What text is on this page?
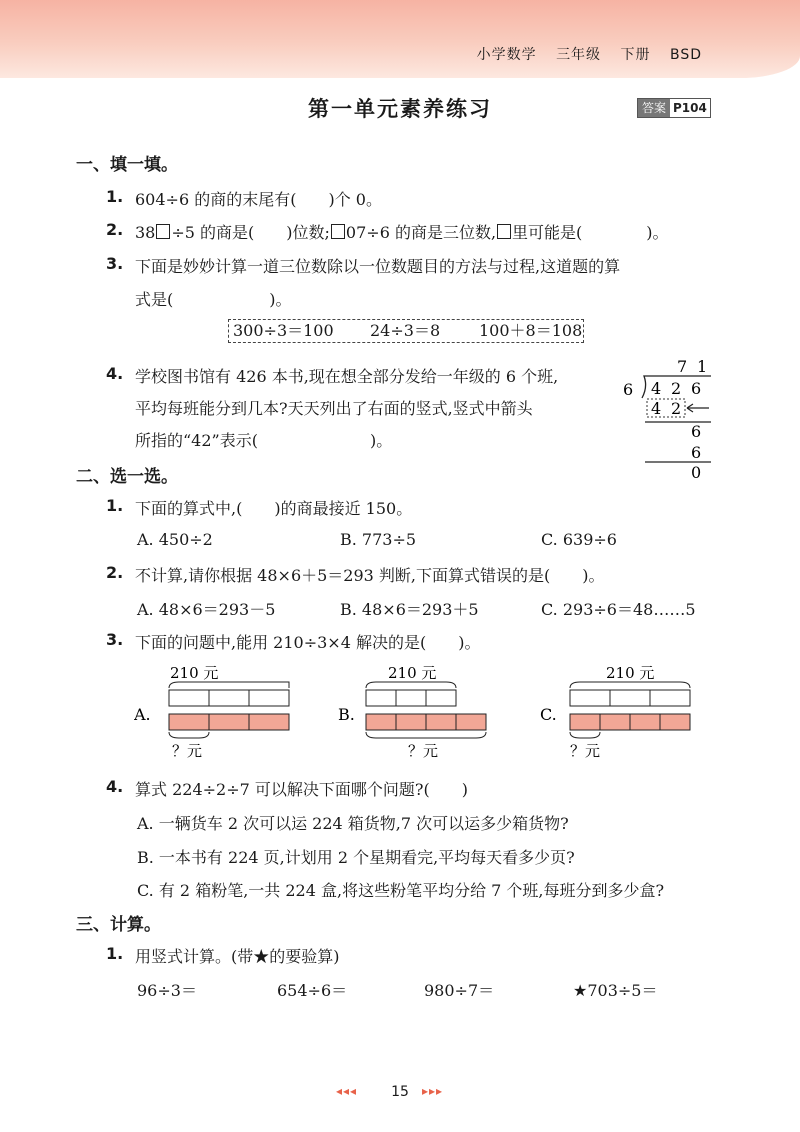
小学数学 三年级 下册 BSD
第一单元素养练习	答案 P104
一、填一填。
1. 604÷6 的商的末尾有(　　)个 0。
2. 38 ÷5 的商是(　　)位数; 07÷6 的商是三位数, 里可能是(　　　　)。
3. 下面是妙妙计算一道三位数除以一位数题目的方法与过程,这道题的算
式是(　　　　　　)。
300÷3＝100 24÷3＝8 100＋8＝108
4. 学校图书馆有 426 本书,现在想全部分发给一年级的 6 个班,
平均每班能分到几本?天天列出了右面的竖式,竖式中箭头
所指的“42”表示(　　　　　　　)。
7 1
6 4 2 6
4 2
6
6
0
二、选一选。
1. 下面的算式中,(　　)的商最接近 150。
A. 450÷2	B. 773÷5	C. 639÷6
2. 不计算,请你根据 48×6＋5＝293 判断,下面算式错误的是(　　)。
A. 48×6＝293－5	B. 48×6＝293＋5	C. 293÷6＝48……5
3. 下面的问题中,能用 210÷3×4 解决的是(　　)。
210 元
A.
？元
210 元
B.
？元
210 元
C.
？元
4. 算式 224÷2÷7 可以解决下面哪个问题?(　　)
A. 一辆货车 2 次可以运 224 箱货物,7 次可以运多少箱货物?
B. 一本书有 224 页,计划用 2 个星期看完,平均每天看多少页?
C. 有 2 箱粉笔,一共 224 盒,将这些粉笔平均分给 7 个班,每班分到多少盒?
三、计算。
1. 用竖式计算。(带★的要验算)
96÷3＝	654÷6＝	980÷7＝	★703÷5＝
◂◂◂	15	▸▸▸
